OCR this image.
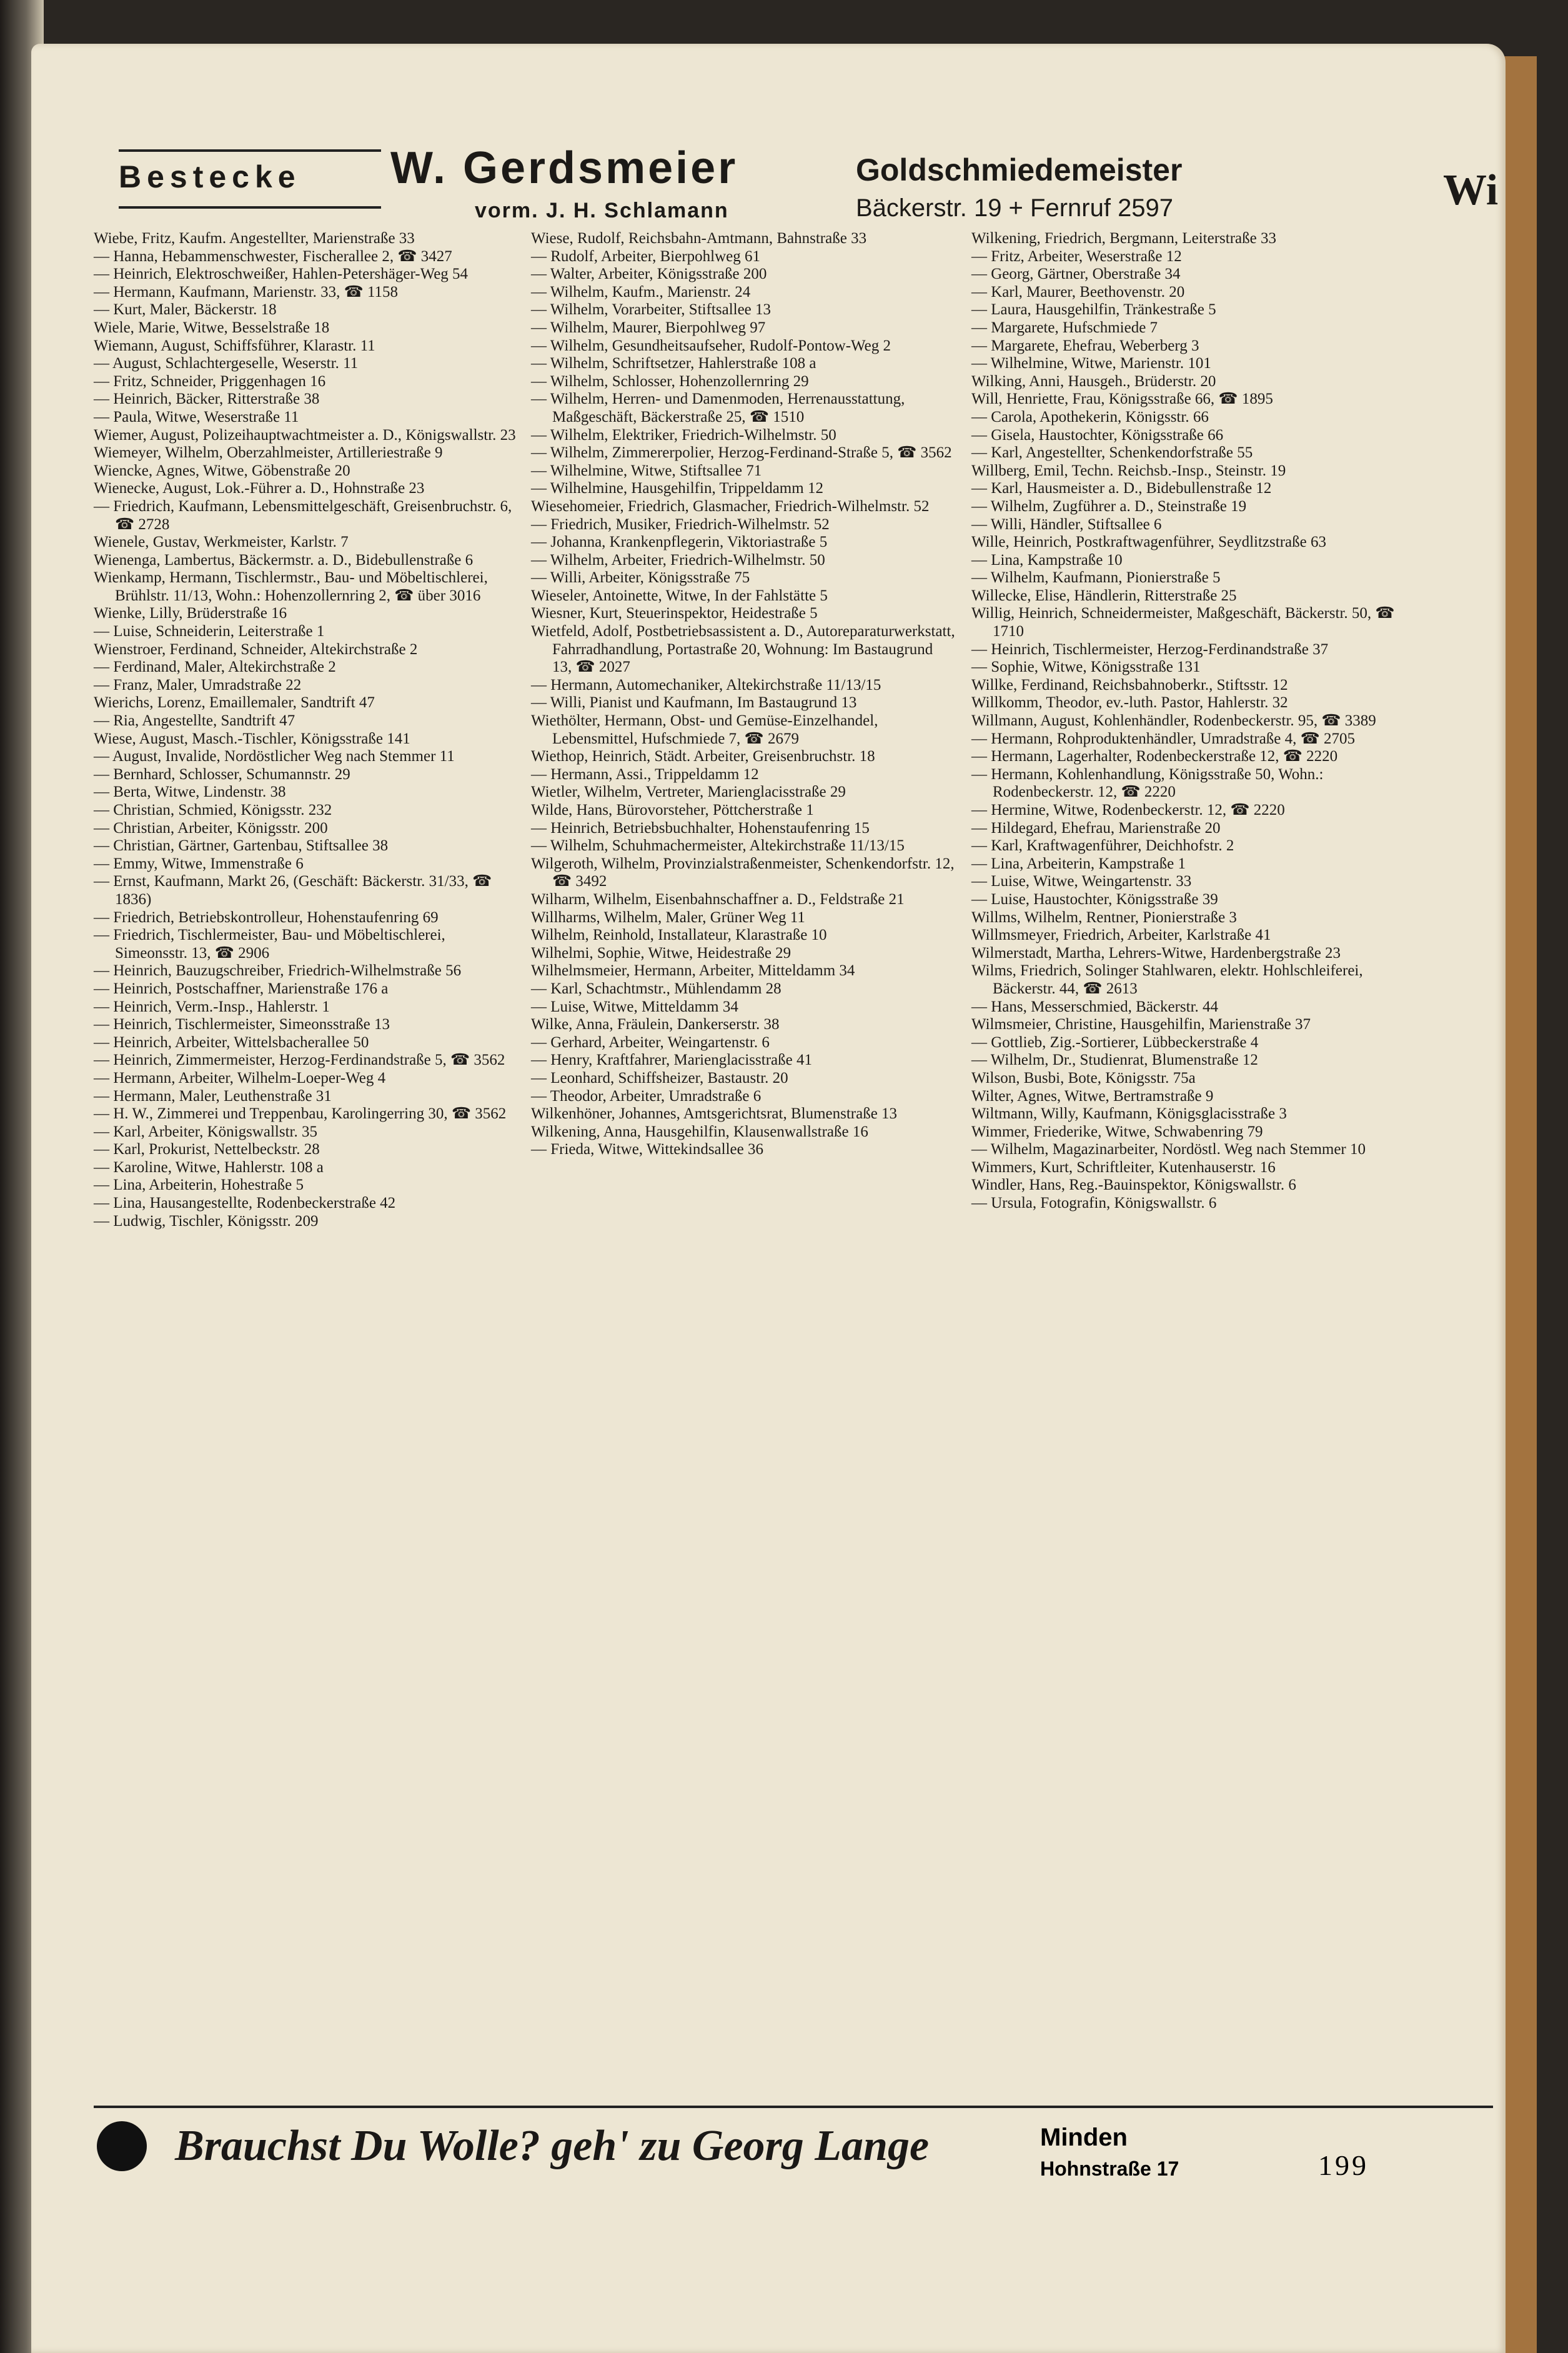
Bestecke W. Gerdsmeier
vorm. J. H. Schlamann
Goldschmiedemeister
Bäckerstr. 19 + Fernruf 2597	Wi
Wiebe, Fritz, Kaufm. Angestellter, Marienstraße 33
— Hanna, Hebammenschwester, Fischerallee 2, ☎ 3427
— Heinrich, Elektroschweißer, Hahlen-Petershäger-Weg 54
— Hermann, Kaufmann, Marienstr. 33, ☎ 1158
— Kurt, Maler, Bäckerstr. 18
Wiele, Marie, Witwe, Besselstraße 18
Wiemann, August, Schiffsführer, Klarastr. 11
— August, Schlachtergeselle, Weserstr. 11
— Fritz, Schneider, Priggenhagen 16
— Heinrich, Bäcker, Ritterstraße 38
— Paula, Witwe, Weserstraße 11
Wiemer, August, Polizeihauptwachtmeister a. D., Königswallstr. 23
Wiemeyer, Wilhelm, Oberzahlmeister, Artilleriestraße 9
Wiencke, Agnes, Witwe, Göbenstraße 20
Wienecke, August, Lok.-Führer a. D., Hohnstraße 23
— Friedrich, Kaufmann, Lebensmittelgeschäft, Greisenbruchstr. 6, ☎ 2728
Wienele, Gustav, Werkmeister, Karlstr. 7
Wienenga, Lambertus, Bäckermstr. a. D., Bidebullenstraße 6
Wienkamp, Hermann, Tischlermstr., Bau- und Möbeltischlerei, Brühlstr. 11/13, Wohn.: Hohenzollernring 2, ☎ über 3016
Wienke, Lilly, Brüderstraße 16
— Luise, Schneiderin, Leiterstraße 1
Wienstroer, Ferdinand, Schneider, Altekirchstraße 2
— Ferdinand, Maler, Altekirchstraße 2
— Franz, Maler, Umradstraße 22
Wierichs, Lorenz, Emaillemaler, Sandtrift 47
— Ria, Angestellte, Sandtrift 47
Wiese, August, Masch.-Tischler, Königsstraße 141
— August, Invalide, Nordöstlicher Weg nach Stemmer 11
— Bernhard, Schlosser, Schumannstr. 29
— Berta, Witwe, Lindenstr. 38
— Christian, Schmied, Königsstr. 232
— Christian, Arbeiter, Königsstr. 200
— Christian, Gärtner, Gartenbau, Stiftsallee 38
— Emmy, Witwe, Immenstraße 6
— Ernst, Kaufmann, Markt 26, (Geschäft: Bäckerstr. 31/33, ☎ 1836)
— Friedrich, Betriebskontrolleur, Hohenstaufenring 69
— Friedrich, Tischlermeister, Bau- und Möbeltischlerei, Simeonsstr. 13, ☎ 2906
— Heinrich, Bauzugschreiber, Friedrich-Wilhelmstraße 56
— Heinrich, Postschaffner, Marienstraße 176 a
— Heinrich, Verm.-Insp., Hahlerstr. 1
— Heinrich, Tischlermeister, Simeonsstraße 13
— Heinrich, Arbeiter, Wittelsbacherallee 50
— Heinrich, Zimmermeister, Herzog-Ferdinandstraße 5, ☎ 3562
— Hermann, Arbeiter, Wilhelm-Loeper-Weg 4
— Hermann, Maler, Leuthenstraße 31
— H. W., Zimmerei und Treppenbau, Karolingerring 30, ☎ 3562
— Karl, Arbeiter, Königswallstr. 35
— Karl, Prokurist, Nettelbeckstr. 28
— Karoline, Witwe, Hahlerstr. 108 a
— Lina, Arbeiterin, Hohestraße 5
— Lina, Hausangestellte, Rodenbeckerstraße 42
— Ludwig, Tischler, Königsstr. 209
Wiese, Rudolf, Reichsbahn-Amtmann, Bahnstraße 33
— Rudolf, Arbeiter, Bierpohlweg 61
— Walter, Arbeiter, Königsstraße 200
— Wilhelm, Kaufm., Marienstr. 24
— Wilhelm, Vorarbeiter, Stiftsallee 13
— Wilhelm, Maurer, Bierpohlweg 97
— Wilhelm, Gesundheitsaufseher, Rudolf-Pontow-Weg 2
— Wilhelm, Schriftsetzer, Hahlerstraße 108 a
— Wilhelm, Schlosser, Hohenzollernring 29
— Wilhelm, Herren- und Damenmoden, Herrenausstattung, Maßgeschäft, Bäckerstraße 25, ☎ 1510
— Wilhelm, Elektriker, Friedrich-Wilhelmstr. 50
— Wilhelm, Zimmererpolier, Herzog-Ferdinand-Straße 5, ☎ 3562
— Wilhelmine, Witwe, Stiftsallee 71
— Wilhelmine, Hausgehilfin, Trippeldamm 12
Wiesehomeier, Friedrich, Glasmacher, Friedrich-Wilhelmstr. 52
— Friedrich, Musiker, Friedrich-Wilhelmstr. 52
— Johanna, Krankenpflegerin, Viktoriastraße 5
— Wilhelm, Arbeiter, Friedrich-Wilhelmstr. 50
— Willi, Arbeiter, Königsstraße 75
Wieseler, Antoinette, Witwe, In der Fahlstätte 5
Wiesner, Kurt, Steuerinspektor, Heidestraße 5
Wietfeld, Adolf, Postbetriebsassistent a. D., Autoreparaturwerkstatt, Fahrradhandlung, Portastraße 20, Wohnung: Im Bastaugrund 13, ☎ 2027
— Hermann, Automechaniker, Altekirchstraße 11/13/15
— Willi, Pianist und Kaufmann, Im Bastaugrund 13
Wiethölter, Hermann, Obst- und Gemüse-Einzelhandel, Lebensmittel, Hufschmiede 7, ☎ 2679
Wiethop, Heinrich, Städt. Arbeiter, Greisenbruchstr. 18
— Hermann, Assi., Trippeldamm 12
Wietler, Wilhelm, Vertreter, Marienglacisstraße 29
Wilde, Hans, Bürovorsteher, Pöttcherstraße 1
— Heinrich, Betriebsbuchhalter, Hohenstaufenring 15
— Wilhelm, Schuhmachermeister, Altekirchstraße 11/13/15
Wilgeroth, Wilhelm, Provinzialstraßenmeister, Schenkendorfstr. 12, ☎ 3492
Wilharm, Wilhelm, Eisenbahnschaffner a. D., Feldstraße 21
Willharms, Wilhelm, Maler, Grüner Weg 11
Wilhelm, Reinhold, Installateur, Klarastraße 10
Wilhelmi, Sophie, Witwe, Heidestraße 29
Wilhelmsmeier, Hermann, Arbeiter, Mitteldamm 34
— Karl, Schachtmstr., Mühlendamm 28
— Luise, Witwe, Mitteldamm 34
Wilke, Anna, Fräulein, Dankerserstr. 38
— Gerhard, Arbeiter, Weingartenstr. 6
— Henry, Kraftfahrer, Marienglacisstraße 41
— Leonhard, Schiffsheizer, Bastaustr. 20
— Theodor, Arbeiter, Umradstraße 6
Wilkenhöner, Johannes, Amtsgerichtsrat, Blumenstraße 13
Wilkening, Anna, Hausgehilfin, Klausenwallstraße 16
— Frieda, Witwe, Wittekindsallee 36
Wilkening, Friedrich, Bergmann, Leiterstraße 33
— Fritz, Arbeiter, Weserstraße 12
— Georg, Gärtner, Oberstraße 34
— Karl, Maurer, Beethovenstr. 20
— Laura, Hausgehilfin, Tränkestraße 5
— Margarete, Hufschmiede 7
— Margarete, Ehefrau, Weberberg 3
— Wilhelmine, Witwe, Marienstr. 101
Wilking, Anni, Hausgeh., Brüderstr. 20
Will, Henriette, Frau, Königsstraße 66, ☎ 1895
— Carola, Apothekerin, Königsstr. 66
— Gisela, Haustochter, Königsstraße 66
— Karl, Angestellter, Schenkendorfstraße 55
Willberg, Emil, Techn. Reichsb.-Insp., Steinstr. 19
— Karl, Hausmeister a. D., Bidebullenstraße 12
— Wilhelm, Zugführer a. D., Steinstraße 19
— Willi, Händler, Stiftsallee 6
Wille, Heinrich, Postkraftwagenführer, Seydlitzstraße 63
— Lina, Kampstraße 10
— Wilhelm, Kaufmann, Pionierstraße 5
Willecke, Elise, Händlerin, Ritterstraße 25
Willig, Heinrich, Schneidermeister, Maßgeschäft, Bäckerstr. 50, ☎ 1710
— Heinrich, Tischlermeister, Herzog-Ferdinandstraße 37
— Sophie, Witwe, Königsstraße 131
Willke, Ferdinand, Reichsbahnoberkr., Stiftsstr. 12
Willkomm, Theodor, ev.-luth. Pastor, Hahlerstr. 32
Willmann, August, Kohlenhändler, Rodenbeckerstr. 95, ☎ 3389
— Hermann, Rohproduktenhändler, Umradstraße 4, ☎ 2705
— Hermann, Lagerhalter, Rodenbeckerstraße 12, ☎ 2220
— Hermann, Kohlenhandlung, Königsstraße 50, Wohn.: Rodenbeckerstr. 12, ☎ 2220
— Hermine, Witwe, Rodenbeckerstr. 12, ☎ 2220
— Hildegard, Ehefrau, Marienstraße 20
— Karl, Kraftwagenführer, Deichhofstr. 2
— Lina, Arbeiterin, Kampstraße 1
— Luise, Witwe, Weingartenstr. 33
— Luise, Haustochter, Königsstraße 39
Willms, Wilhelm, Rentner, Pionierstraße 3
Willmsmeyer, Friedrich, Arbeiter, Karlstraße 41
Wilmerstadt, Martha, Lehrers-Witwe, Hardenbergstraße 23
Wilms, Friedrich, Solinger Stahlwaren, elektr. Hohlschleiferei, Bäckerstr. 44, ☎ 2613
— Hans, Messerschmied, Bäckerstr. 44
Wilmsmeier, Christine, Hausgehilfin, Marienstraße 37
— Gottlieb, Zig.-Sortierer, Lübbeckerstraße 4
— Wilhelm, Dr., Studienrat, Blumenstraße 12
Wilson, Busbi, Bote, Königsstr. 75a
Wilter, Agnes, Witwe, Bertramstraße 9
Wiltmann, Willy, Kaufmann, Königsglacisstraße 3
Wimmer, Friederike, Witwe, Schwabenring 79
— Wilhelm, Magazinarbeiter, Nordöstl. Weg nach Stemmer 10
Wimmers, Kurt, Schriftleiter, Kutenhauserstr. 16
Windler, Hans, Reg.-Bauinspektor, Königswallstr. 6
— Ursula, Fotografin, Königswallstr. 6
Brauchst Du Wolle? geh' zu Georg Lange	Minden
Hohnstraße 17	199
